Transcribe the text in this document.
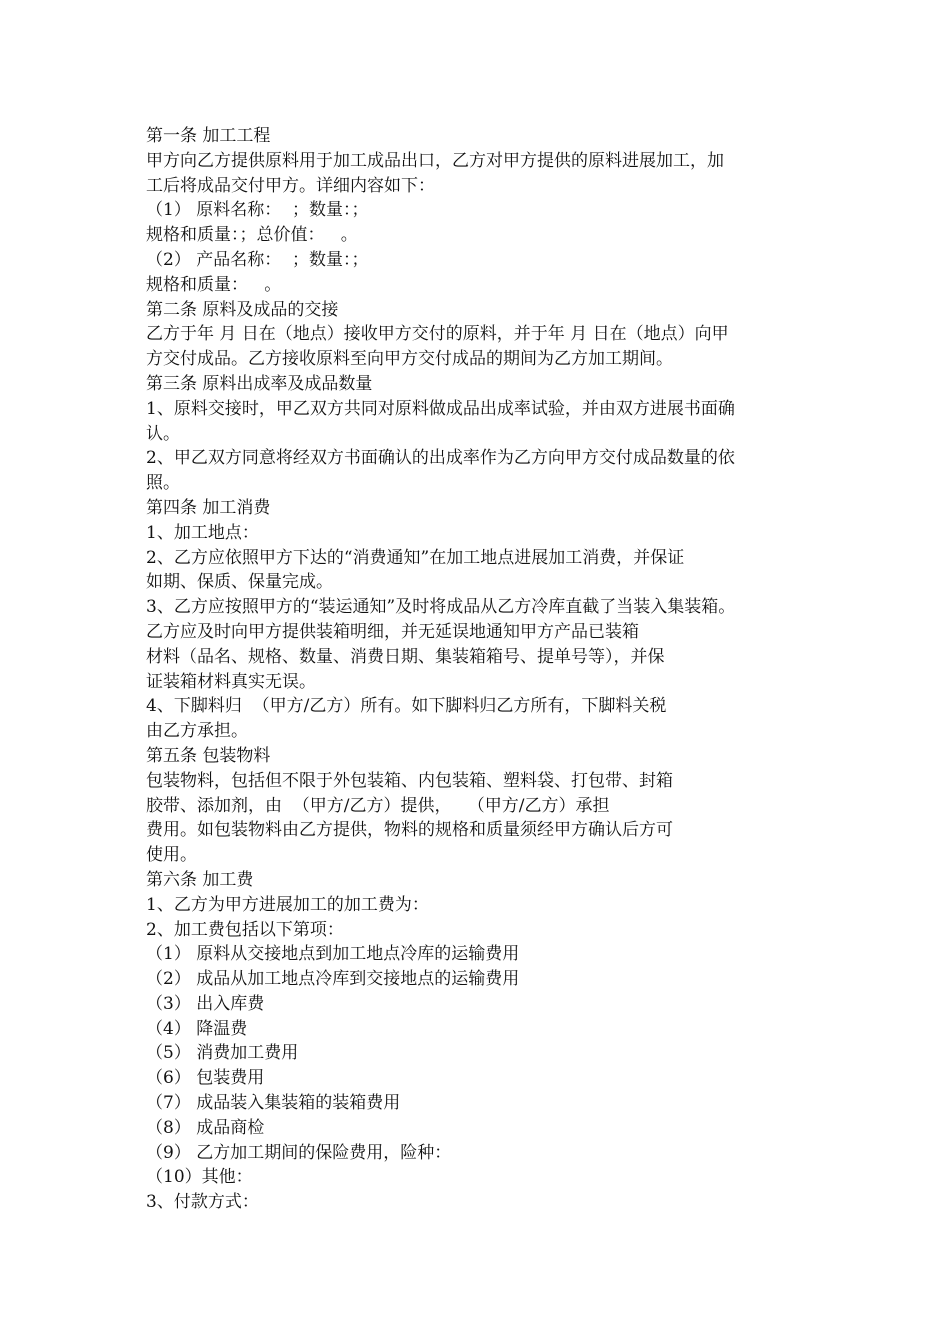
第一条 加工工程
甲方向乙方提供原料用于加工成品出口，乙方对甲方提供的原料进展加工，加
工后将成品交付甲方。详细内容如下：
（1） 原料名称：  ；数量：；
规格和质量：；总价值：   。
（2） 产品名称：  ；数量：；
规格和质量：   。
第二条 原料及成品的交接
乙方于年 月 日在（地点）接收甲方交付的原料，并于年 月 日在（地点）向甲
方交付成品。乙方接收原料至向甲方交付成品的期间为乙方加工期间。
第三条 原料出成率及成品数量
1、原料交接时，甲乙双方共同对原料做成品出成率试验，并由双方进展书面确
认。
2、甲乙双方同意将经双方书面确认的出成率作为乙方向甲方交付成品数量的依
照。
第四条 加工消费
1、加工地点：
2、乙方应依照甲方下达的“消费通知”在加工地点进展加工消费，并保证
如期、保质、保量完成。
3、乙方应按照甲方的“装运通知”及时将成品从乙方冷库直截了当装入集装箱。
乙方应及时向甲方提供装箱明细，并无延误地通知甲方产品已装箱
材料（品名、规格、数量、消费日期、集装箱箱号、提单号等），并保
证装箱材料真实无误。
4、下脚料归  （甲方/乙方）所有。如下脚料归乙方所有，下脚料关税
由乙方承担。
第五条 包装物料
包装物料，包括但不限于外包装箱、内包装箱、塑料袋、打包带、封箱
胶带、添加剂，由  （甲方/乙方）提供，   （甲方/乙方）承担
费用。如包装物料由乙方提供，物料的规格和质量须经甲方确认后方可
使用。
第六条 加工费
1、乙方为甲方进展加工的加工费为：
2、加工费包括以下第项：
（1） 原料从交接地点到加工地点冷库的运输费用
（2） 成品从加工地点冷库到交接地点的运输费用
（3） 出入库费
（4） 降温费
（5） 消费加工费用
（6） 包装费用
（7） 成品装入集装箱的装箱费用
（8） 成品商检
（9） 乙方加工期间的保险费用，险种：
（10）其他：
3、付款方式：
